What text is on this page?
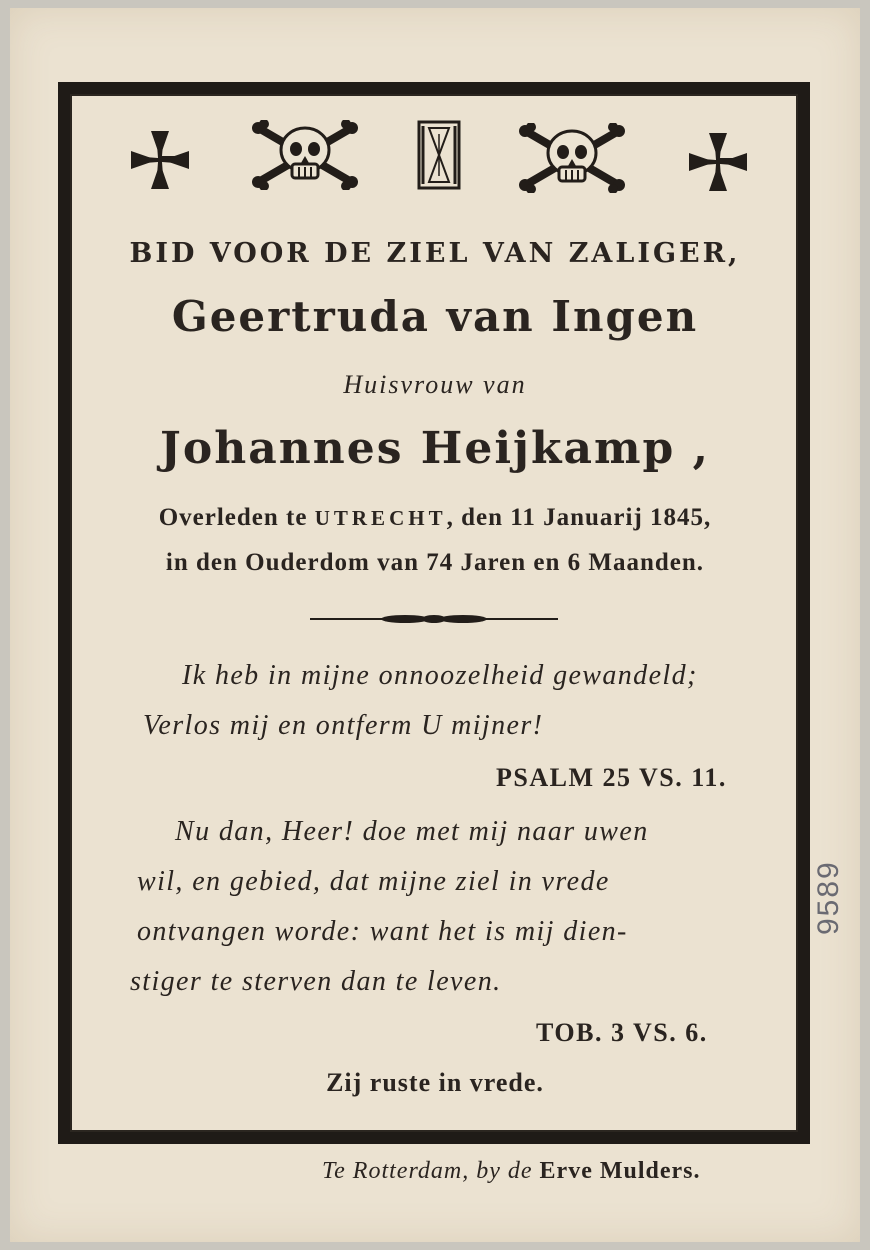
BID VOOR DE ZIEL VAN ZALIGER,
Geertruda van Ingen
Huisvrouw van
Johannes Heijkamp ,
Overleden te UTRECHT, den 11 Januarij 1845,
in den Ouderdom van 74 Jaren en 6 Maanden.
Ik heb in mijne onnoozelheid gewandeld;
Verlos mij en ontferm U mijner!
PSALM 25 VS. 11.
Nu dan, Heer! doe met mij naar uwen
wil, en gebied, dat mijne ziel in vrede
ontvangen worde: want het is mij dien-
stiger te sterven dan te leven.
TOB. 3 VS. 6.
Zij ruste in vrede.
Te Rotterdam, by de Erve Mulders.
9589
